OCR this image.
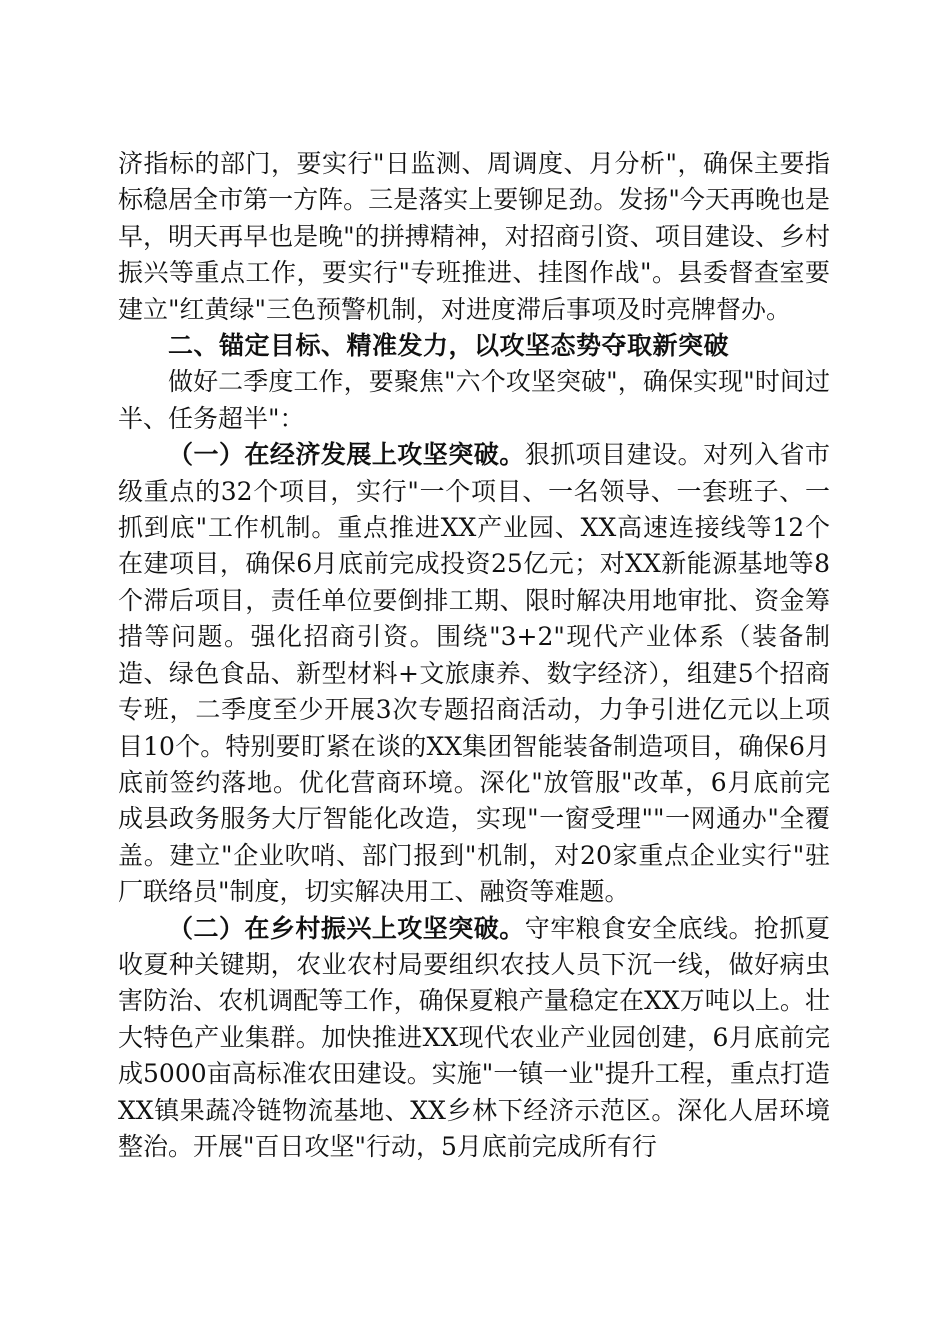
济指标的部门，要实行"日监测、周调度、月分析"，确保主要指标稳居全市第一方阵。三是落实上要铆足劲。发扬"今天再晚也是早，明天再早也是晚"的拼搏精神，对招商引资、项目建设、乡村振兴等重点工作，要实行"专班推进、挂图作战"。县委督查室要建立"红黄绿"三色预警机制，对进度滞后事项及时亮牌督办。

二、锚定目标、精准发力，以攻坚态势夺取新突破

做好二季度工作，要聚焦"六个攻坚突破"，确保实现"时间过半、任务超半"：

（一）在经济发展上攻坚突破。狠抓项目建设。对列入省市级重点的32个项目，实行"一个项目、一名领导、一套班子、一抓到底"工作机制。重点推进XX产业园、XX高速连接线等12个在建项目，确保6月底前完成投资25亿元；对XX新能源基地等8个滞后项目，责任单位要倒排工期、限时解决用地审批、资金筹措等问题。强化招商引资。围绕"3+2"现代产业体系（装备制造、绿色食品、新型材料+文旅康养、数字经济），组建5个招商专班，二季度至少开展3次专题招商活动，力争引进亿元以上项目10个。特别要盯紧在谈的XX集团智能装备制造项目，确保6月底前签约落地。优化营商环境。深化"放管服"改革，6月底前完成县政务服务大厅智能化改造，实现"一窗受理""一网通办"全覆盖。建立"企业吹哨、部门报到"机制，对20家重点企业实行"驻厂联络员"制度，切实解决用工、融资等难题。

（二）在乡村振兴上攻坚突破。守牢粮食安全底线。抢抓夏收夏种关键期，农业农村局要组织农技人员下沉一线，做好病虫害防治、农机调配等工作，确保夏粮产量稳定在XX万吨以上。壮大特色产业集群。加快推进XX现代农业产业园创建，6月底前完成5000亩高标准农田建设。实施"一镇一业"提升工程，重点打造XX镇果蔬冷链物流基地、XX乡林下经济示范区。深化人居环境整治。开展"百日攻坚"行动，5月底前完成所有行
